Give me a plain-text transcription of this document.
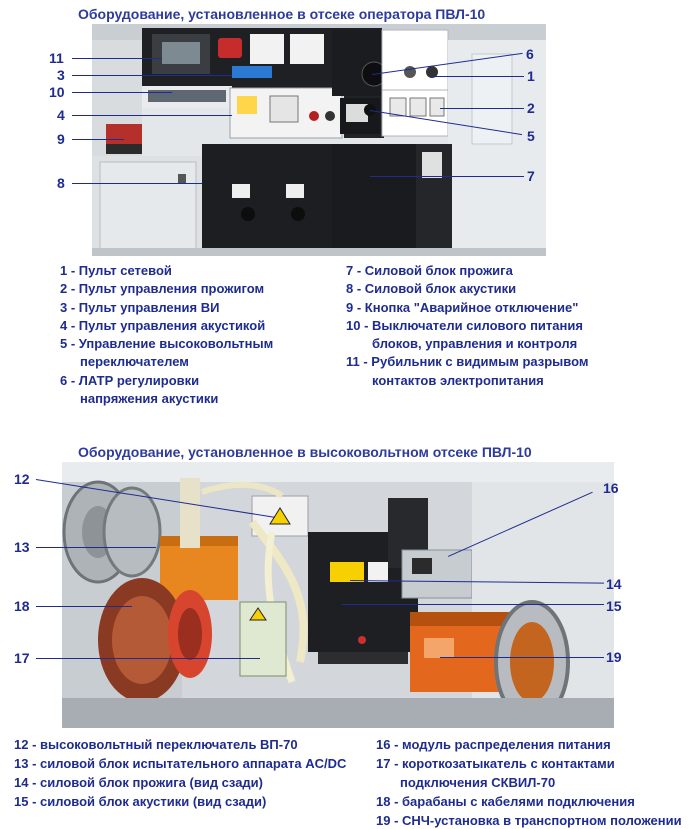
Оборудование, установленное в отсеке оператора ПВЛ-10
Оборудование, установленное в высоковольтном отсеке ПВЛ-10
11
3
10
4
9
8
6
1
2
5
7
1 - Пульт сетевой
2 - Пульт управления прожигом
3 - Пульт управления ВИ
4 - Пульт управления акустикой
5 - Управление высоковольтным
переключателем
6 - ЛАТР регулировки
напряжения акустики
7 - Силовой блок прожига
8 - Силовой блок акустики
9 - Кнопка "Аварийное отключение"
10 - Выключатели силового питания
блоков, управления и контроля
11 - Рубильник с видимым разрывом
контактов электропитания
12
13
18
17
16
14
15
19
12 - высоковольтный переключатель ВП-70
13 - силовой блок испытательного аппарата AC/DC
14 - силовой блок прожига (вид сзади)
15 - силовой блок акустики (вид сзади)
16 - модуль распределения питания
17 - короткозатыкатель с контактами
подключения СКВИЛ-70
18 - барабаны с кабелями подключения
19 - СНЧ-установка в транспортном положении
